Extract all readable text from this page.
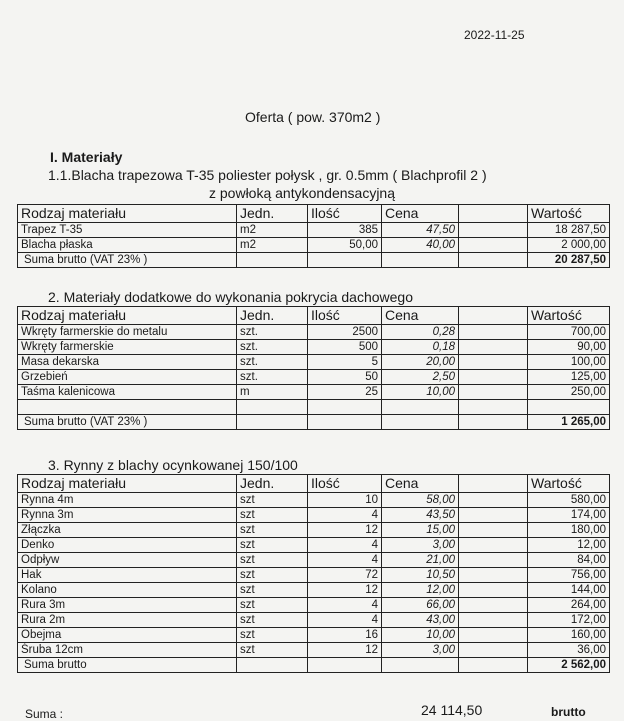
2022-11-25
Oferta ( pow. 370m2 )
I. Materiały
1.1.Blacha trapezowa T-35 poliester połysk , gr. 0.5mm ( Blachprofil 2 )
z powłoką antykondensacyjną
Rodzaj materiału	Jedn.	Ilość	Cena		Wartość
Trapez T-35	m2	385	47,50		18 287,50
Blacha płaska	m2	50,00	40,00		2 000,00
Suma brutto (VAT 23% )					20 287,50
2. Materiały dodatkowe do wykonania pokrycia dachowego
Rodzaj materiału	Jedn.	Ilość	Cena		Wartość
Wkręty farmerskie do metalu	szt.	2500	0,28		700,00
Wkręty farmerskie	szt.	500	0,18		90,00
Masa dekarska	szt.	5	20,00		100,00
Grzebień	szt.	50	2,50		125,00
Taśma kalenicowa	m	25	10,00		250,00

Suma brutto (VAT 23% )					1 265,00
3. Rynny z blachy ocynkowanej 150/100
Rodzaj materiału	Jedn.	Ilość	Cena		Wartość
Rynna 4m	szt	10	58,00		580,00
Rynna 3m	szt	4	43,50		174,00
Złączka	szt	12	15,00		180,00
Denko	szt	4	3,00		12,00
Odpływ	szt	4	21,00		84,00
Hak	szt	72	10,50		756,00
Kolano	szt	12	12,00		144,00
Rura 3m	szt	4	66,00		264,00
Rura 2m	szt	4	43,00		172,00
Obejma	szt	16	10,00		160,00
Śruba 12cm	szt	12	3,00		36,00
Suma brutto					2 562,00
Suma :	24 114,50	brutto
